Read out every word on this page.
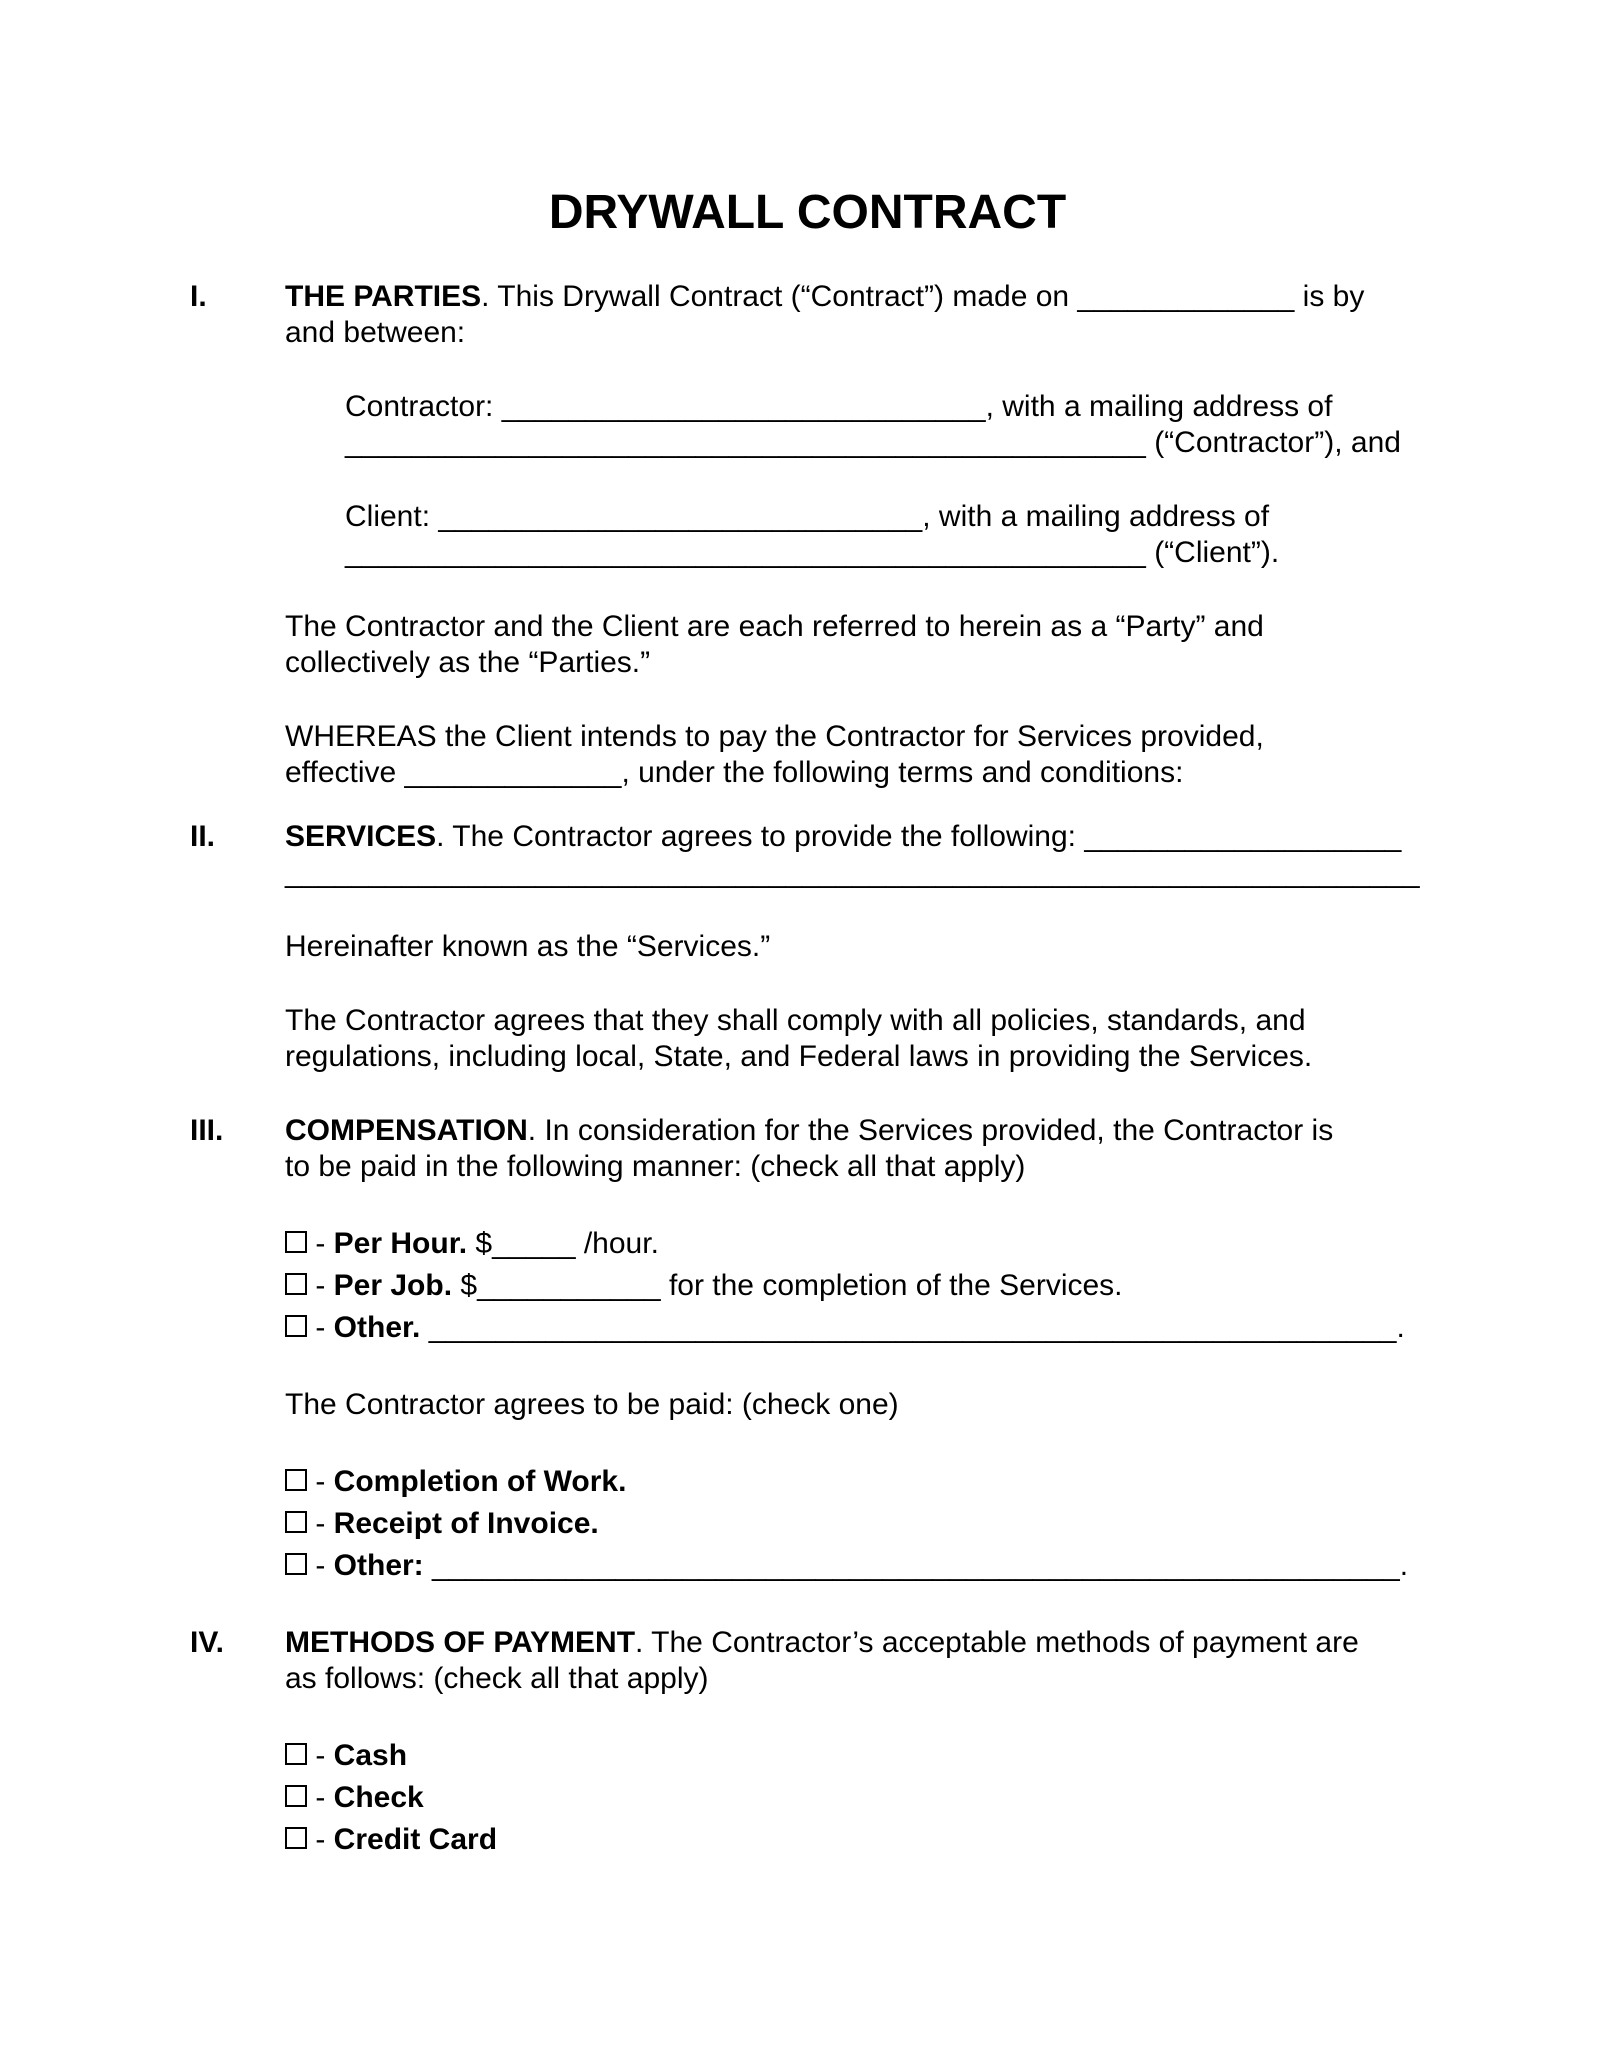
DRYWALL CONTRACT
I.	THE PARTIES. This Drywall Contract (“Contract”) made on _____________ is by
and between:

Contractor: _____________________________, with a mailing address of
________________________________________________ (“Contractor”), and

Client: _____________________________, with a mailing address of
________________________________________________ (“Client”).

The Contractor and the Client are each referred to herein as a “Party” and
collectively as the “Parties.”

WHEREAS the Client intends to pay the Contractor for Services provided,
effective _____________, under the following terms and conditions:

II.	SERVICES. The Contractor agrees to provide the following: ___________________
____________________________________________________________________

Hereinafter known as the “Services.”

The Contractor agrees that they shall comply with all policies, standards, and
regulations, including local, State, and Federal laws in providing the Services.

III.	COMPENSATION. In consideration for the Services provided, the Contractor is
to be paid in the following manner: (check all that apply)

- Per Hour. $_____ /hour.

- Per Job. $___________ for the completion of the Services.

- Other. __________________________________________________________.

The Contractor agrees to be paid: (check one)

- Completion of Work.

- Receipt of Invoice.

- Other: __________________________________________________________.

IV.	METHODS OF PAYMENT. The Contractor’s acceptable methods of payment are
as follows: (check all that apply)

- Cash

- Check

- Credit Card
